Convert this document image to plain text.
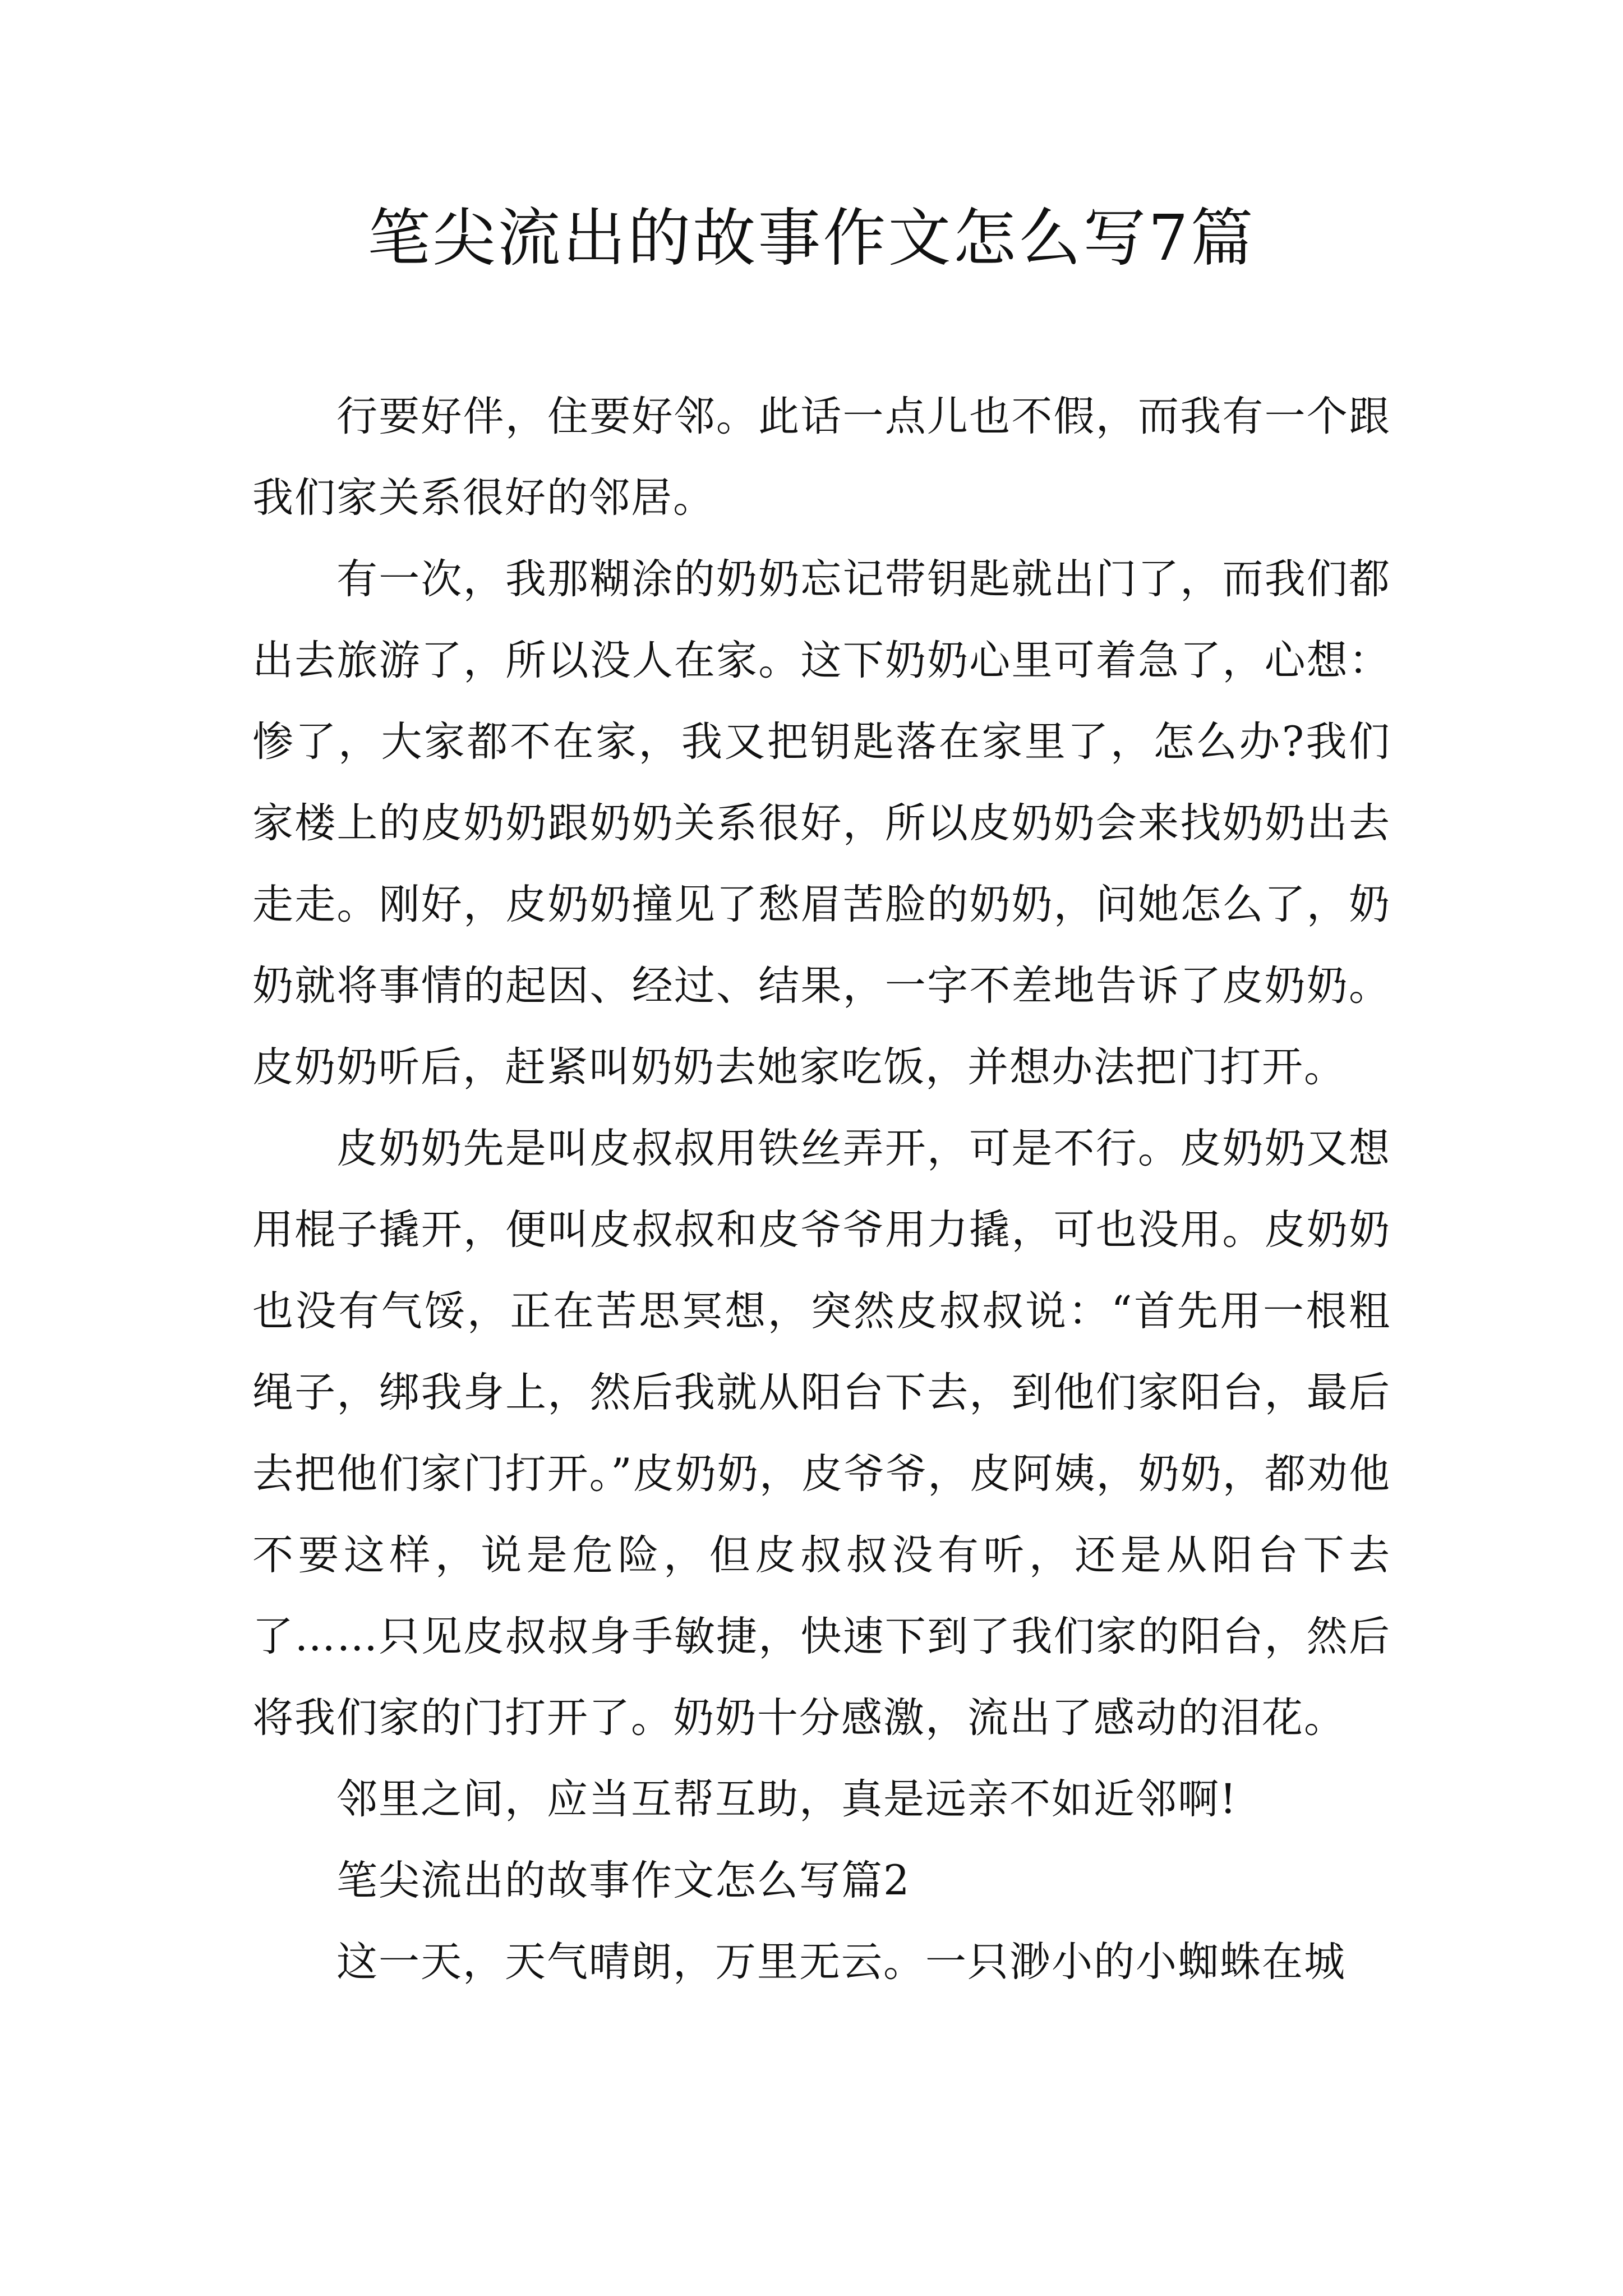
笔尖流出的故事作文怎么写7篇

行要好伴，住要好邻。此话一点儿也不假，而我有一个跟我们家关系很好的邻居。

有一次，我那糊涂的奶奶忘记带钥匙就出门了，而我们都出去旅游了，所以没人在家。这下奶奶心里可着急了，心想：惨了，大家都不在家，我又把钥匙落在家里了，怎么办?我们家楼上的皮奶奶跟奶奶关系很好，所以皮奶奶会来找奶奶出去走走。刚好，皮奶奶撞见了愁眉苦脸的奶奶，问她怎么了，奶奶就将事情的起因、经过、结果，一字不差地告诉了皮奶奶。皮奶奶听后，赶紧叫奶奶去她家吃饭，并想办法把门打开。

皮奶奶先是叫皮叔叔用铁丝弄开，可是不行。皮奶奶又想用棍子撬开，便叫皮叔叔和皮爷爷用力撬，可也没用。皮奶奶也没有气馁，正在苦思冥想，突然皮叔叔说：“首先用一根粗绳子，绑我身上，然后我就从阳台下去，到他们家阳台，最后去把他们家门打开。”皮奶奶，皮爷爷，皮阿姨，奶奶，都劝他不要这样，说是危险，但皮叔叔没有听，还是从阳台下去了……只见皮叔叔身手敏捷，快速下到了我们家的阳台，然后将我们家的门打开了。奶奶十分感激，流出了感动的泪花。

邻里之间，应当互帮互助，真是远亲不如近邻啊!

笔尖流出的故事作文怎么写篇2

这一天，天气晴朗，万里无云。一只渺小的小蜘蛛在城
